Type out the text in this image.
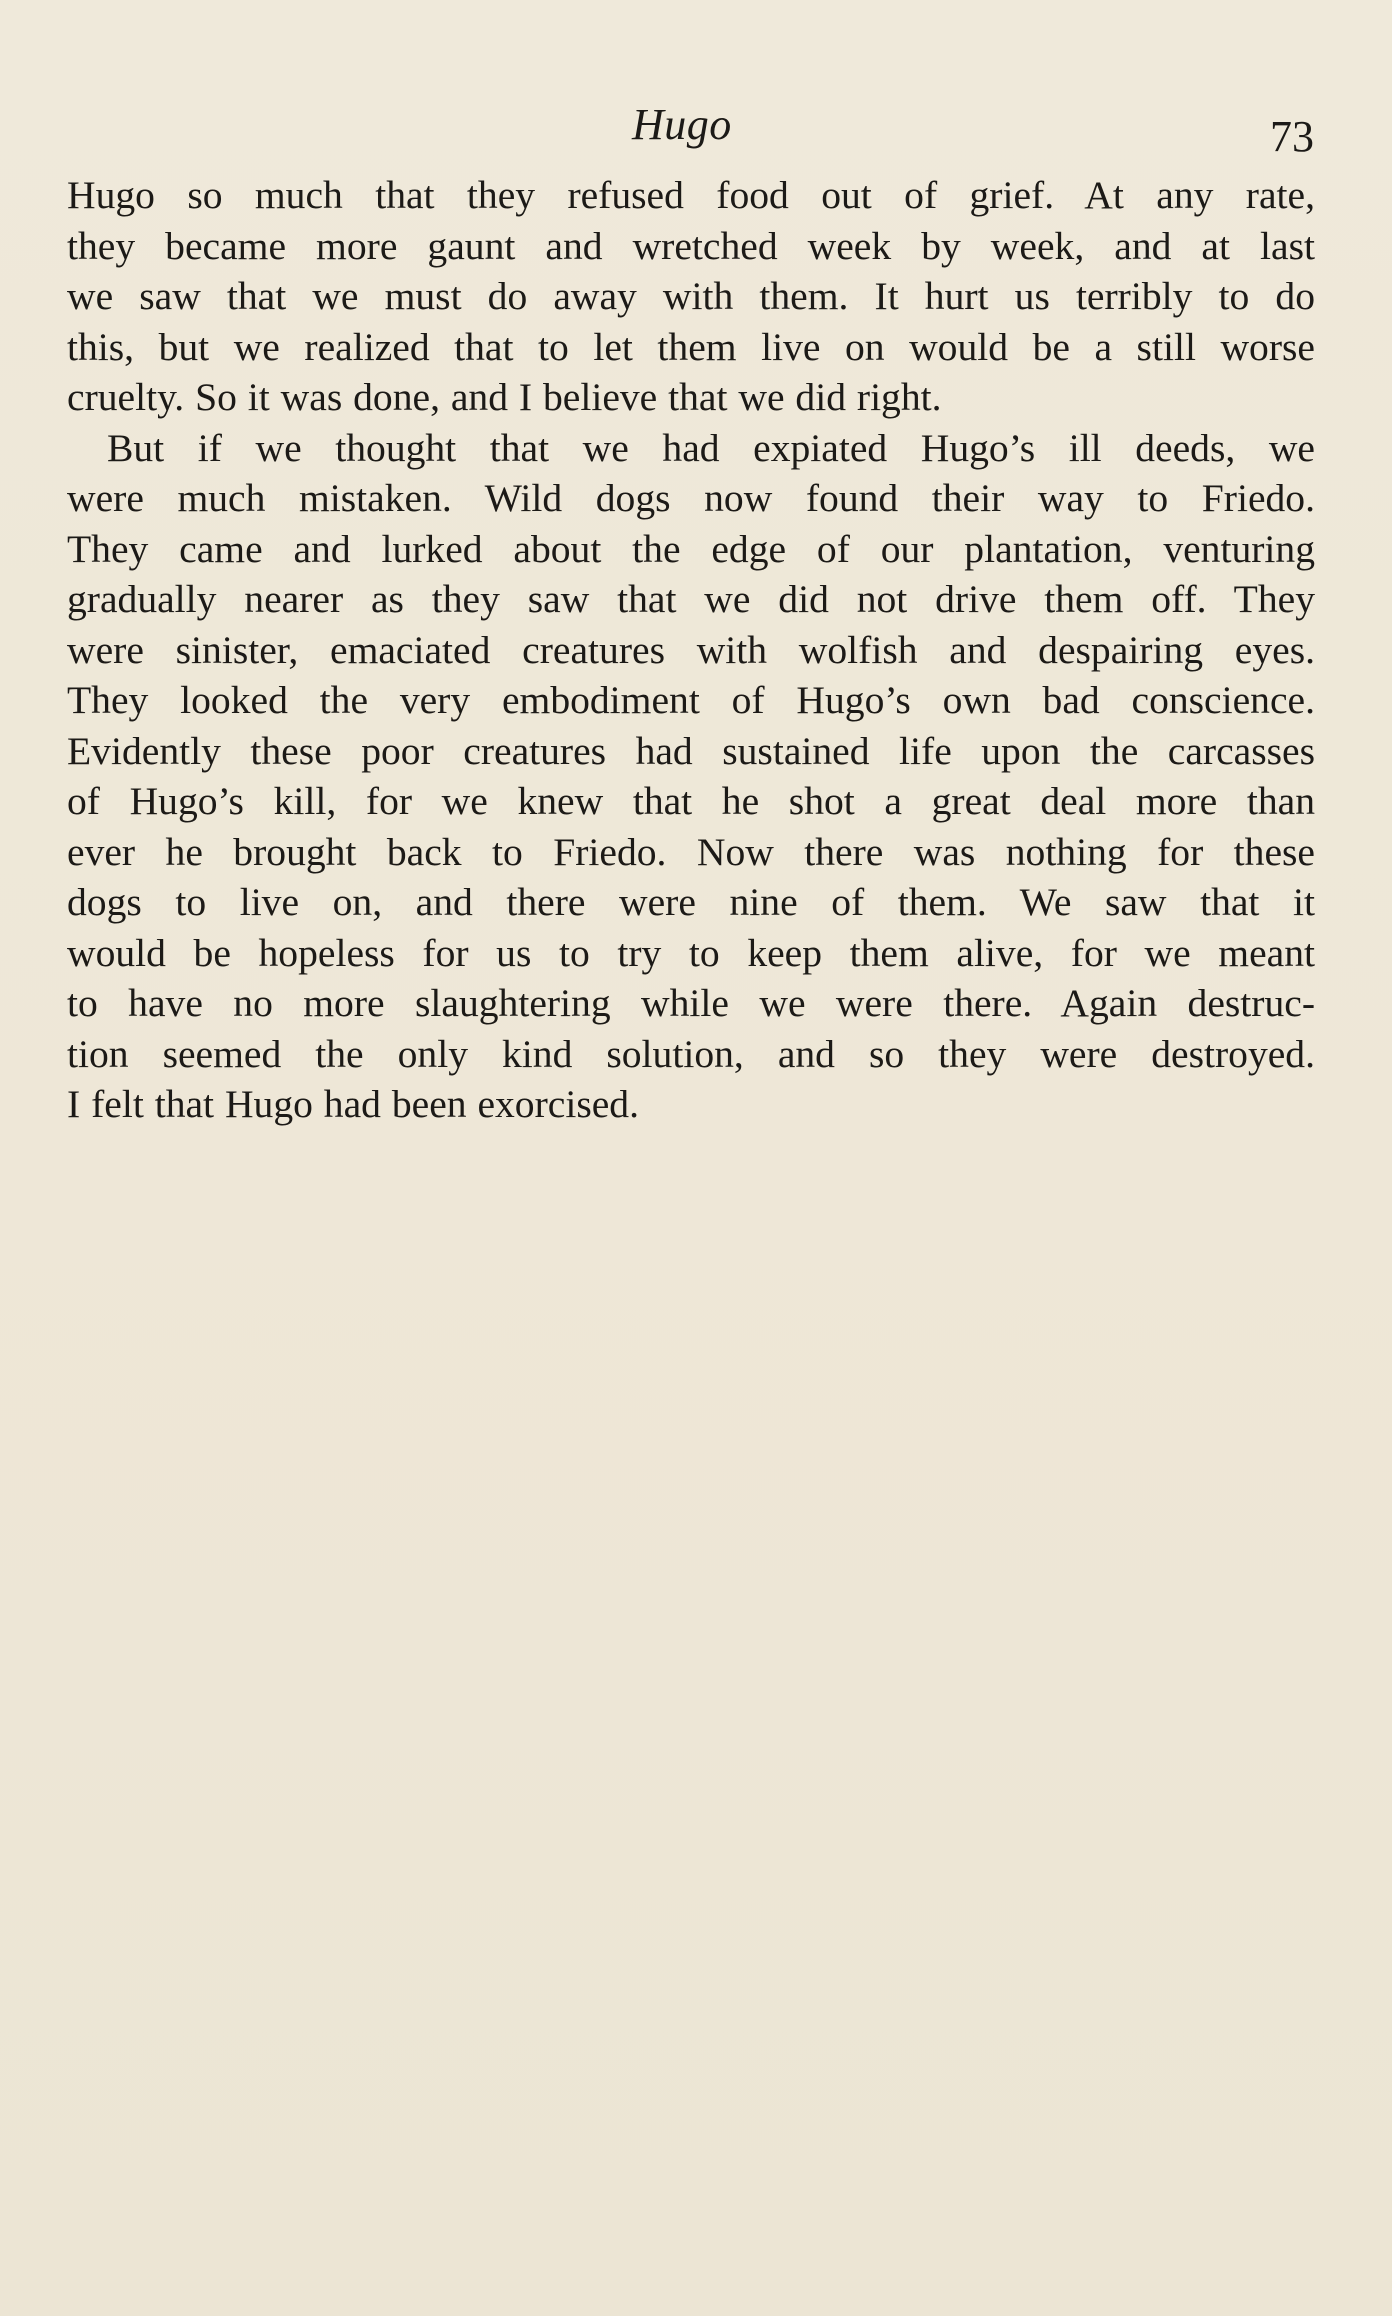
Hugo	73
Hugo so much that they refused food out of grief. At any rate,
they became more gaunt and wretched week by week, and at last
we saw that we must do away with them. It hurt us terribly to do
this, but we realized that to let them live on would be a still worse
cruelty. So it was done, and I believe that we did right.
But if we thought that we had expiated Hugo’s ill deeds, we
were much mistaken. Wild dogs now found their way to Friedo.
They came and lurked about the edge of our plantation, venturing
gradually nearer as they saw that we did not drive them off. They
were sinister, emaciated creatures with wolfish and despairing eyes.
They looked the very embodiment of Hugo’s own bad conscience.
Evidently these poor creatures had sustained life upon the carcasses
of Hugo’s kill, for we knew that he shot a great deal more than
ever he brought back to Friedo. Now there was nothing for these
dogs to live on, and there were nine of them. We saw that it
would be hopeless for us to try to keep them alive, for we meant
to have no more slaughtering while we were there. Again destruc-
tion seemed the only kind solution, and so they were destroyed.
I felt that Hugo had been exorcised.
